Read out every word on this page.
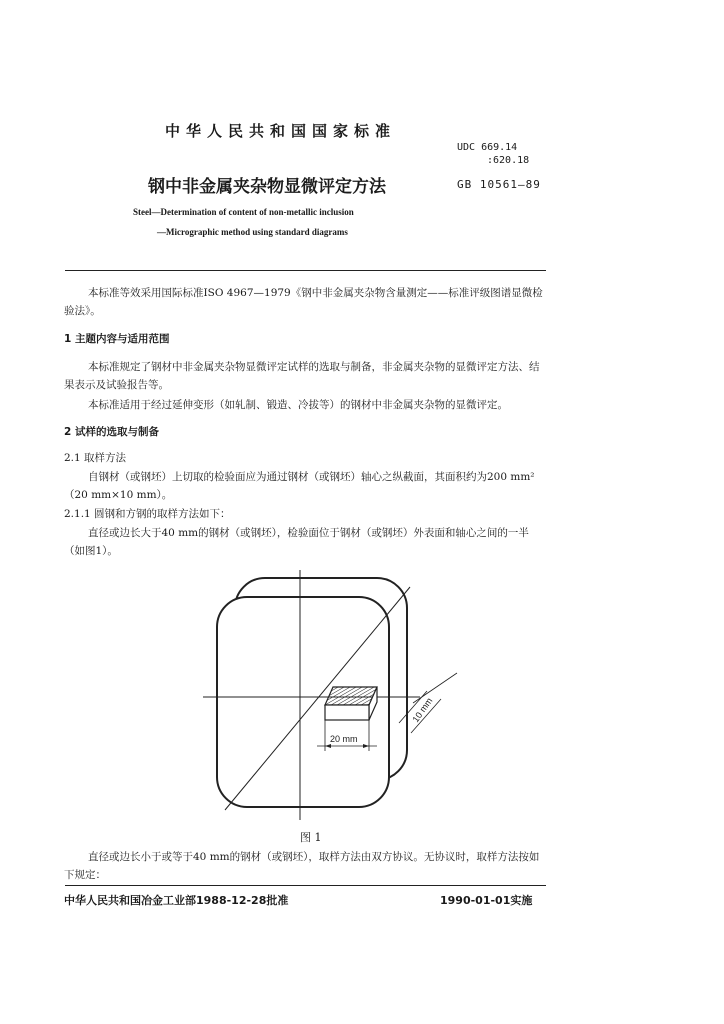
中华人民共和国国家标准
UDC 669.14
:620.18
钢中非金属夹杂物显微评定方法	GB 10561—89
Steel—Determination of content of non-metallic inclusion
—Micrographic method using standard diagrams
本标准等效采用国际标准ISO 4967—1979《钢中非金属夹杂物含量测定——标准评级图谱显微检验法》。
1 主题内容与适用范围
本标准规定了钢材中非金属夹杂物显微评定试样的选取与制备，非金属夹杂物的显微评定方法、结果表示及试验报告等。
本标准适用于经过延伸变形（如轧制、锻造、冷拔等）的钢材中非金属夹杂物的显微评定。
2 试样的选取与制备
2.1 取样方法
自钢材（或钢坯）上切取的检验面应为通过钢材（或钢坯）轴心之纵截面，其面积约为200 mm²（20 mm×10 mm）。
2.1.1 圆钢和方钢的取样方法如下：
直径或边长大于40 mm的钢材（或钢坯），检验面位于钢材（或钢坯）外表面和轴心之间的一半（如图1）。
20 mm
10 mm
图 1
直径或边长小于或等于40 mm的钢材（或钢坯），取样方法由双方协议。无协议时，取样方法按如下规定：
中华人民共和国冶金工业部1988-12-28批准	1990-01-01实施
